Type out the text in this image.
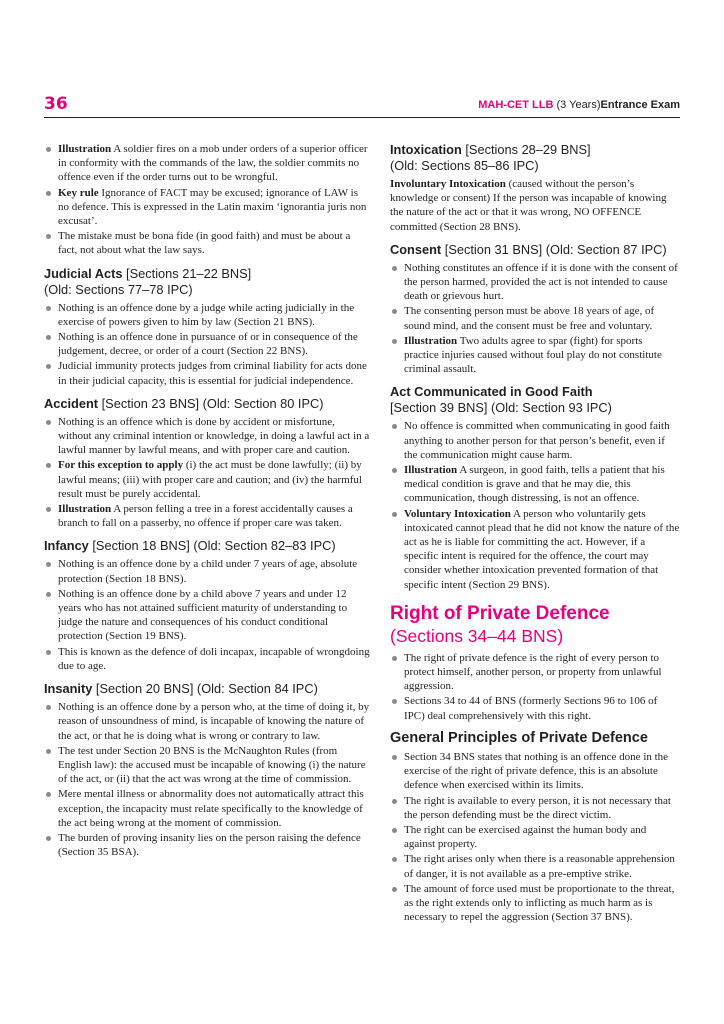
36	MAH-CET LLB (3 Years)Entrance Exam
Illustration A soldier fires on a mob under orders of a superior officer in conformity with the commands of the law, the soldier commits no offence even if the order turns out to be wrongful.
Key rule Ignorance of FACT may be excused; ignorance of LAW is no defence. This is expressed in the Latin maxim ‘ignorantia juris non excusat’.
The mistake must be bona fide (in good faith) and must be about a fact, not about what the law says.
Judicial Acts [Sections 21–22 BNS]
(Old: Sections 77–78 IPC)
Nothing is an offence done by a judge while acting judicially in the exercise of powers given to him by law (Section 21 BNS).
Nothing is an offence done in pursuance of or in consequence of the judgement, decree, or order of a court (Section 22 BNS).
Judicial immunity protects judges from criminal liability for acts done in their judicial capacity, this is essential for judicial independence.
Accident [Section 23 BNS] (Old: Section 80 IPC)
Nothing is an offence which is done by accident or misfortune, without any criminal intention or knowledge, in doing a lawful act in a lawful manner by lawful means, and with proper care and caution.
For this exception to apply (i) the act must be done lawfully; (ii) by lawful means; (iii) with proper care and caution; and (iv) the harmful result must be purely accidental.
Illustration A person felling a tree in a forest accidentally causes a branch to fall on a passerby, no offence if proper care was taken.
Infancy [Section 18 BNS] (Old: Section 82–83 IPC)
Nothing is an offence done by a child under 7 years of age, absolute protection (Section 18 BNS).
Nothing is an offence done by a child above 7 years and under 12 years who has not attained sufficient maturity of understanding to judge the nature and consequences of his conduct conditional protection (Section 19 BNS).
This is known as the defence of doli incapax, incapable of wrongdoing due to age.
Insanity [Section 20 BNS] (Old: Section 84 IPC)
Nothing is an offence done by a person who, at the time of doing it, by reason of unsoundness of mind, is incapable of knowing the nature of the act, or that he is doing what is wrong or contrary to law.
The test under Section 20 BNS is the McNaughton Rules (from English law): the accused must be incapable of knowing (i) the nature of the act, or (ii) that the act was wrong at the time of commission.
Mere mental illness or abnormality does not automatically attract this exception, the incapacity must relate specifically to the knowledge of the act being wrong at the moment of commission.
The burden of proving insanity lies on the person raising the defence (Section 35 BSA).
Intoxication [Sections 28–29 BNS]
(Old: Sections 85–86 IPC)

Involuntary Intoxication (caused without the person’s knowledge or consent) If the person was incapable of knowing the nature of the act or that it was wrong, NO OFFENCE committed (Section 28 BNS).

Consent [Section 31 BNS] (Old: Section 87 IPC)
Nothing constitutes an offence if it is done with the consent of the person harmed, provided the act is not intended to cause death or grievous hurt.
The consenting person must be above 18 years of age, of sound mind, and the consent must be free and voluntary.
Illustration Two adults agree to spar (fight) for sports practice injuries caused without foul play do not constitute criminal assault.
Act Communicated in Good Faith
[Section 39 BNS] (Old: Section 93 IPC)
No offence is committed when communicating in good faith anything to another person for that person’s benefit, even if the communication might cause harm.
Illustration A surgeon, in good faith, tells a patient that his medical condition is grave and that he may die, this communication, though distressing, is not an offence.
Voluntary Intoxication A person who voluntarily gets intoxicated cannot plead that he did not know the nature of the act as he is liable for committing the act. However, if a specific intent is required for the offence, the court may consider whether intoxication prevented formation of that specific intent (Section 29 BNS).
Right of Private Defence
(Sections 34–44 BNS)
The right of private defence is the right of every person to protect himself, another person, or property from unlawful aggression.
Sections 34 to 44 of BNS (formerly Sections 96 to 106 of IPC) deal comprehensively with this right.
General Principles of Private Defence
Section 34 BNS states that nothing is an offence done in the exercise of the right of private defence, this is an absolute defence when exercised within its limits.
The right is available to every person, it is not necessary that the person defending must be the direct victim.
The right can be exercised against the human body and against property.
The right arises only when there is a reasonable apprehension of danger, it is not available as a pre-emptive strike.
The amount of force used must be proportionate to the threat, as the right extends only to inflicting as much harm as is necessary to repel the aggression (Section 37 BNS).
